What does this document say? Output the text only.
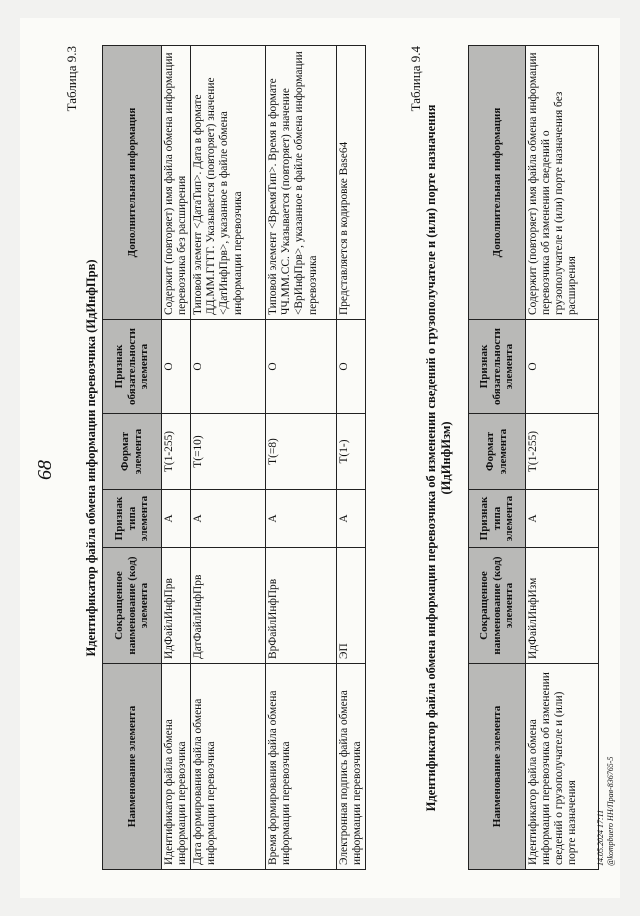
68
Таблица 9.3
Идентификатор файла обмена информации перевозчика (ИдИнфПрв)
Наименование элемента	Сокращенное наименование (код) элемента	Признак типа элемента	Формат элемента	Признак обязательности элемента	Дополнительная информация
Идентификатор файла обмена информации перевозчика	ИдФайлИнфПрв	А	T(1-255)	О	Содержит (повторяет) имя файла обмена информации перевозчика без расширения
Дата формирования файла обмена информации перевозчика	ДатФайлИнфПрв	А	T(=10)	О	Типовой элемент <ДатаТип>. Дата в формате ДД.ММ.ГГГГ. Указывается (повторяет) значение <ДатИнфПрв>, указанное в файле обмена информации перевозчика
Время формирования файла обмена информации перевозчика	ВрФайлИнфПрв	А	T(=8)	О	Типовой элемент <ВремяТип>. Время в формате ЧЧ.ММ.СС. Указывается (повторяет) значение <ВрИнфПрв>, указанное в файле обмена информации перевозчика
Электронная подпись файла обмена информации перевозчика	ЭП	А	T(1-)	О	Представляется в кодировке Base64
Таблица 9.4
Идентификатор файла обмена информации перевозчика об изменении сведений о грузополучателе и (или) порте назначения (ИдИнфИзм)
Наименование элемента	Сокращенное наименование (код) элемента	Признак типа элемента	Формат элемента	Признак обязательности элемента	Дополнительная информация
Идентификатор файла обмена информации перевозчика об изменении сведений о грузополучателе и (или) порте назначения	ИдФайлИнфИзм	А	T(1-255)	О	Содержит (повторяет) имя файла обмена информации перевозчика об изменении сведений о грузополучателе и (или) порте назначения без расширения
14.05.2024 17:11 @kompbuero НН/Прав-836765-5
